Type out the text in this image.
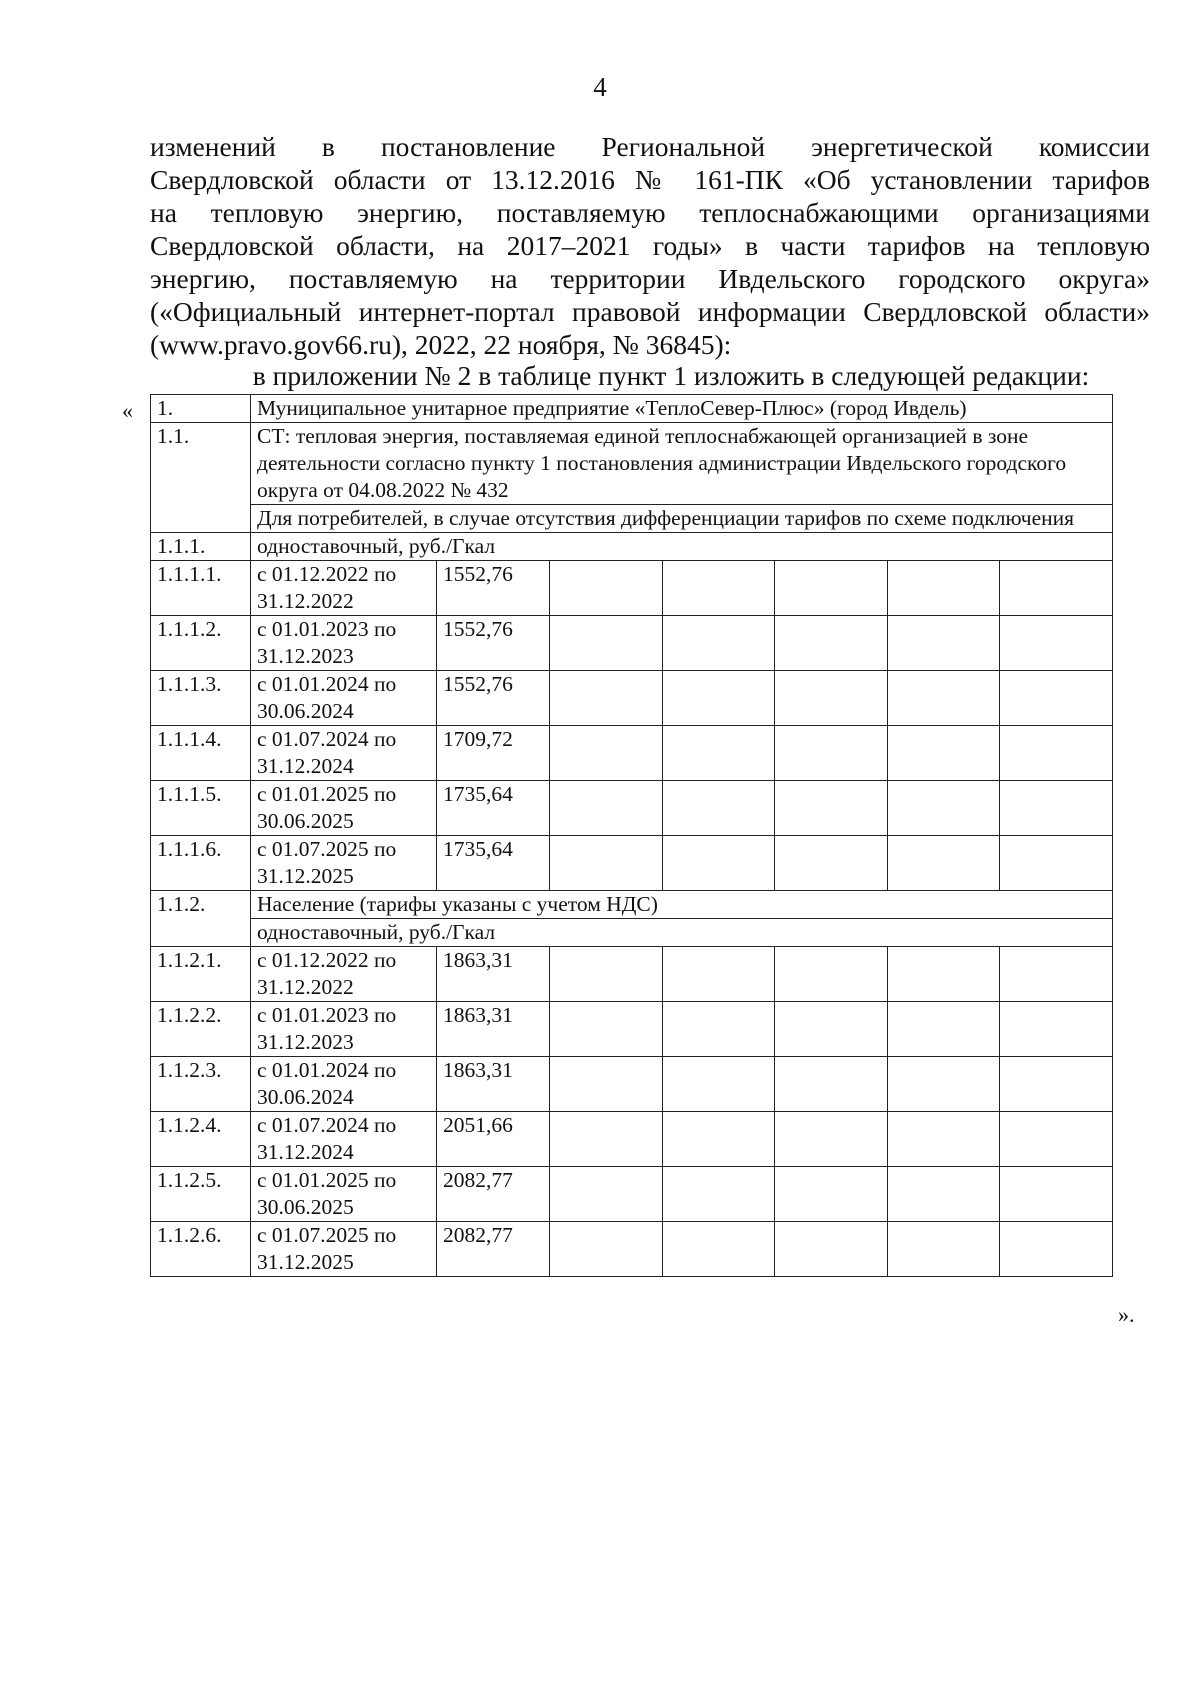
4
изменений в постановление Региональной энергетической комиссии
Свердловской области от 13.12.2016 № 161-ПК «Об установлении тарифов
на тепловую энергию, поставляемую теплоснабжающими организациями
Свердловской области, на 2017–2021 годы» в части тарифов на тепловую
энергию, поставляемую на территории Ивдельского городского округа»
(«Официальный интернет-портал правовой информации Свердловской области»
(www.pravo.gov66.ru), 2022, 22 ноября, № 36845):
в приложении № 2 в таблице пункт 1 изложить в следующей редакции:
« 1.	Муниципальное унитарное предприятие «ТеплоСевер-Плюс» (город Ивдель)						
1.1.	СТ: тепловая энергия, поставляемая единой теплоснабжающей организацией в зоне деятельности согласно пункту 1 постановления администрации Ивдельского городского округа от 04.08.2022 № 432						
	Для потребителей, в случае отсутствия дифференциации тарифов по схеме подключения						
1.1.1.	одноставочный, руб./Гкал						
1.1.1.1.	с 01.12.2022 по 31.12.2022	1552,76					
1.1.1.2.	с 01.01.2023 по 31.12.2023	1552,76					
1.1.1.3.	с 01.01.2024 по 30.06.2024	1552,76					
1.1.1.4.	с 01.07.2024 по 31.12.2024	1709,72					
1.1.1.5.	с 01.01.2025 по 30.06.2025	1735,64					
1.1.1.6.	с 01.07.2025 по 31.12.2025	1735,64					
1.1.2.	Население (тарифы указаны с учетом НДС)						
	одноставочный, руб./Гкал						
1.1.2.1.	с 01.12.2022 по 31.12.2022	1863,31					
1.1.2.2.	с 01.01.2023 по 31.12.2023	1863,31					
1.1.2.3.	с 01.01.2024 по 30.06.2024	1863,31					
1.1.2.4.	с 01.07.2024 по 31.12.2024	2051,66					
1.1.2.5.	с 01.01.2025 по 30.06.2025	2082,77					
1.1.2.6.	с 01.07.2025 по 31.12.2025	2082,77					
».
